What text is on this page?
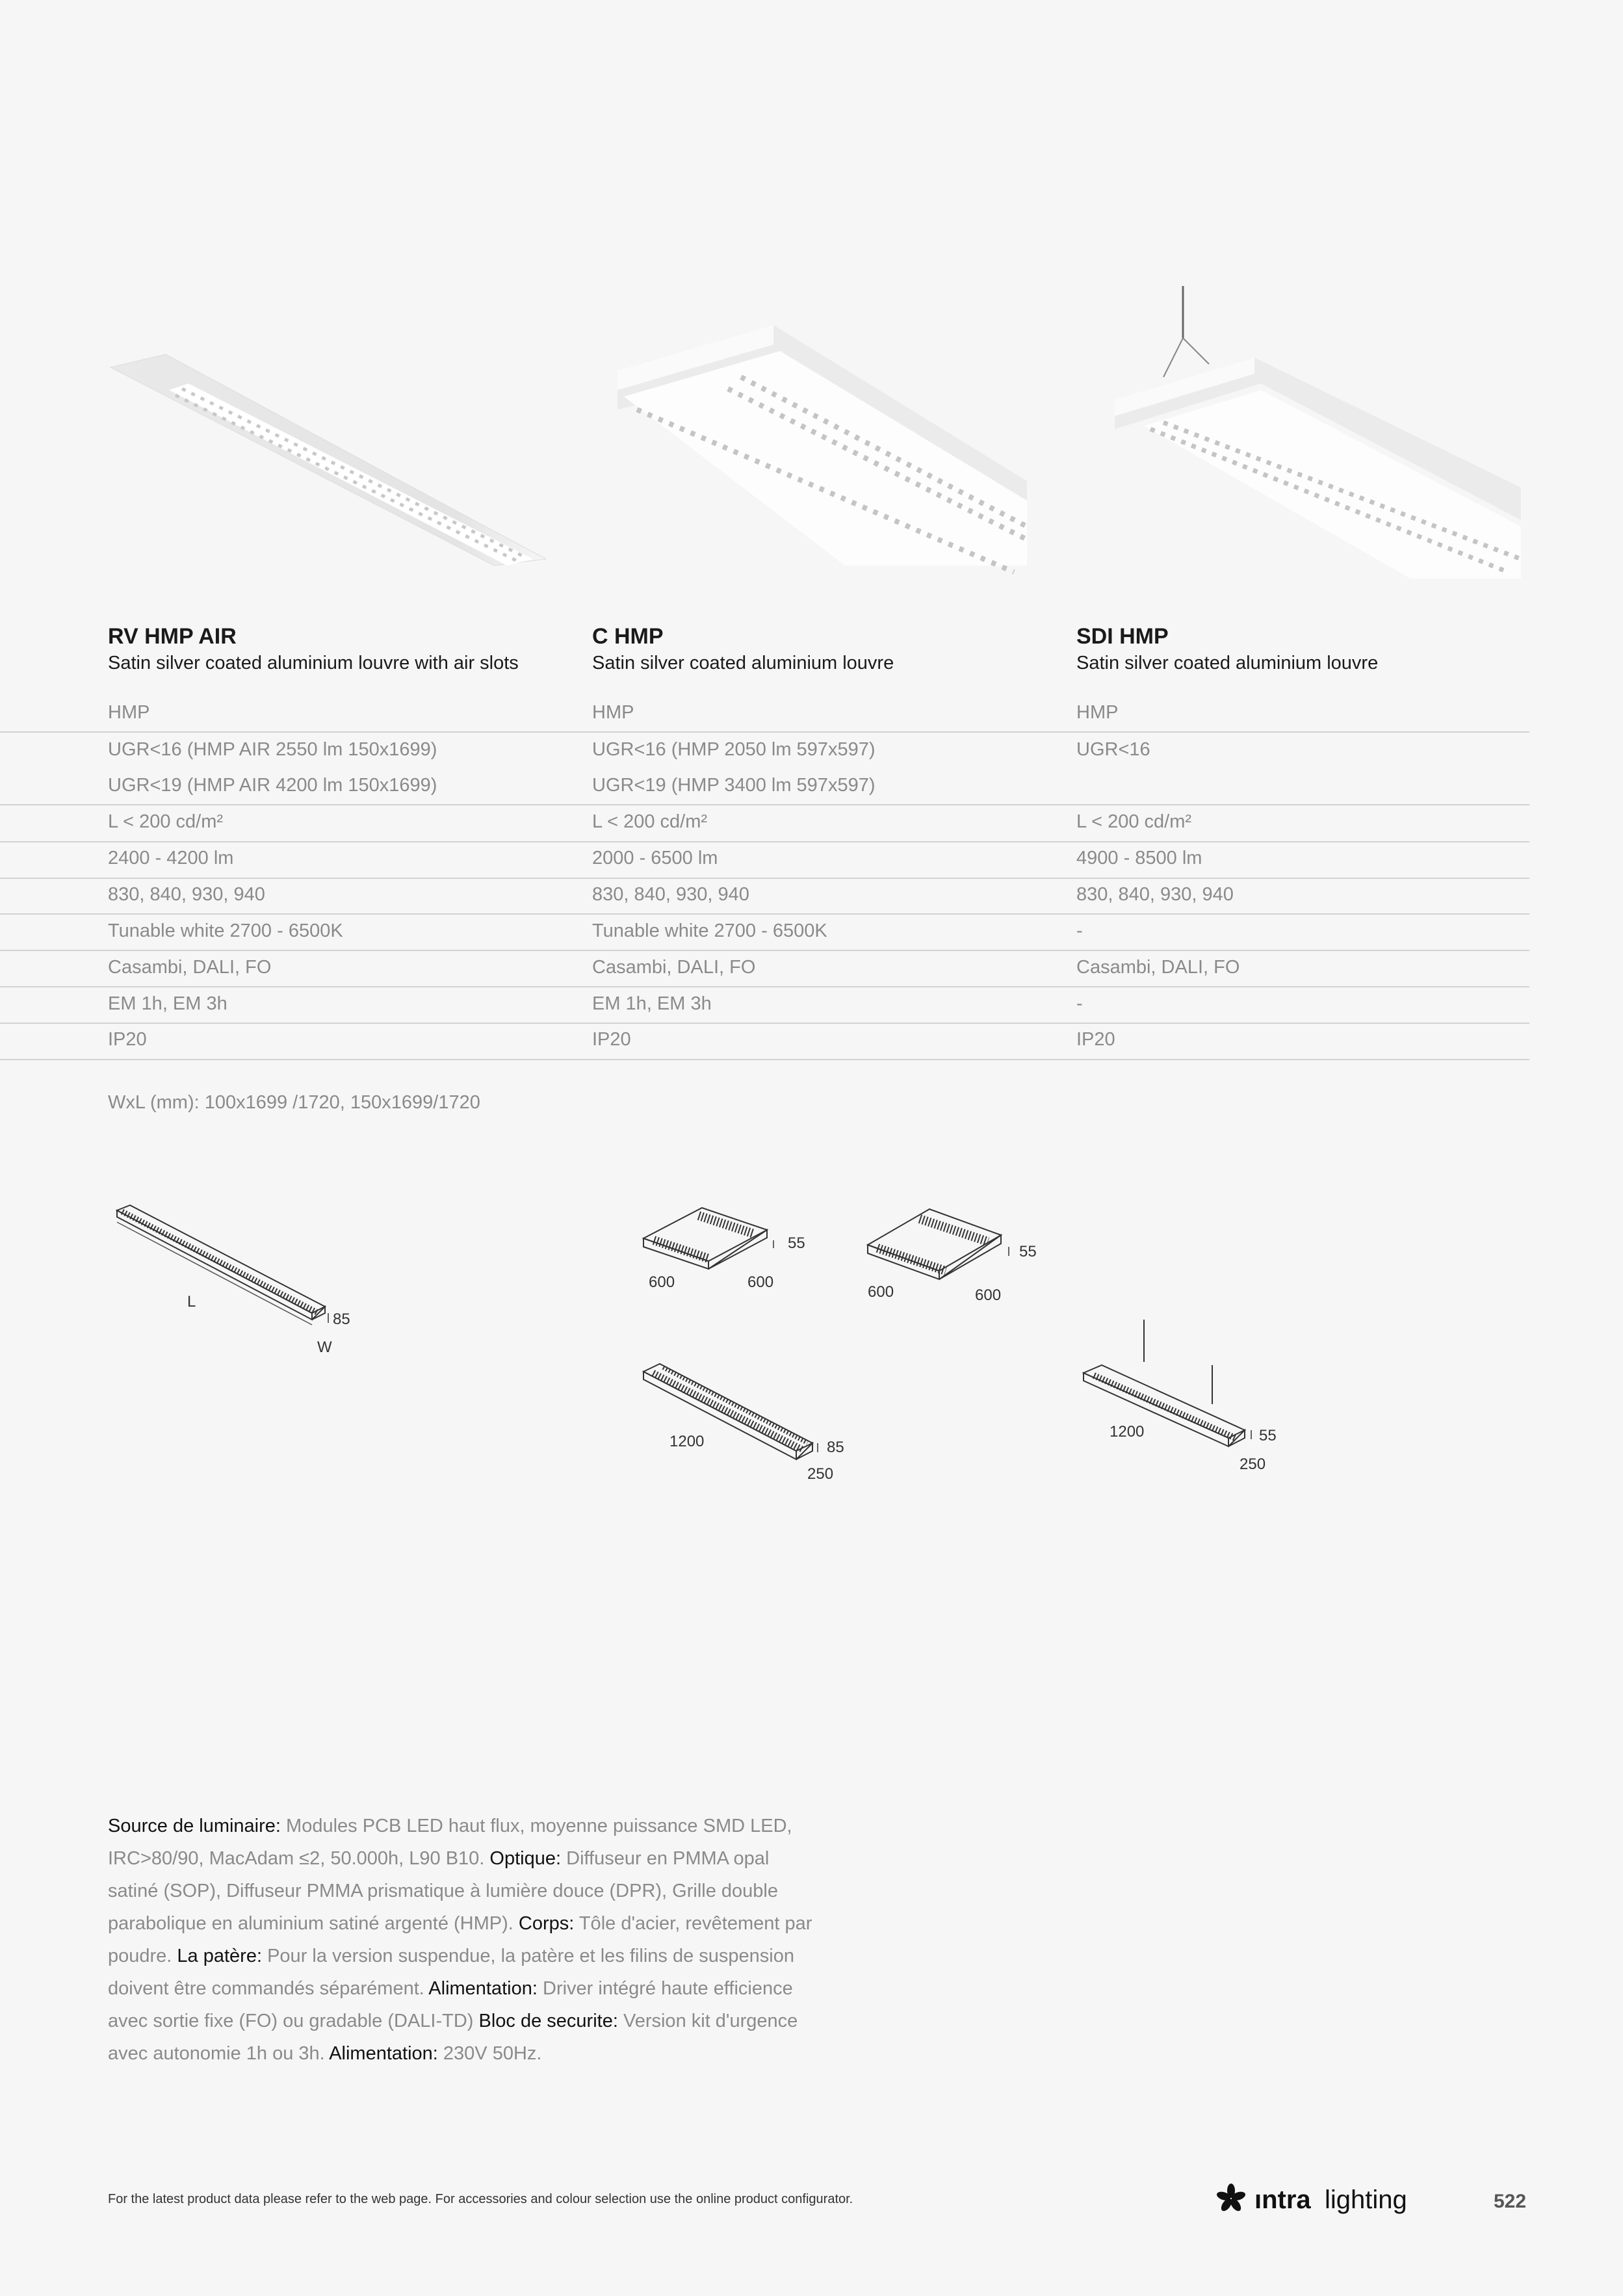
RV HMP AIR
Satin silver coated aluminium louvre with air slots
C HMP
Satin silver coated aluminium louvre
SDI HMP
Satin silver coated aluminium louvre
HMP	HMP	HMP
UGR<16 (HMP AIR 2550 lm 150x1699)	UGR<16 (HMP 2050 lm 597x597)	UGR<16
UGR<19 (HMP AIR 4200 lm 150x1699)	UGR<19 (HMP 3400 lm 597x597)
L < 200 cd/m²	L < 200 cd/m²	L < 200 cd/m²
2400 - 4200 lm	2000 - 6500 lm	4900 - 8500 lm
830, 840, 930, 940	830, 840, 930, 940	830, 840, 930, 940
Tunable white 2700 - 6500K	Tunable white 2700 - 6500K	-
Casambi, DALI, FO	Casambi, DALI, FO	Casambi, DALI, FO
EM 1h, EM 3h	EM 1h, EM 3h	-
IP20	IP20	IP20
WxL (mm): 100x1699 /1720, 150x1699/1720
L
85
W
55
600	600
55
600	600
1200	85
250
1200	55
250
Source de luminaire: Modules PCB LED haut flux, moyenne puissance SMD LED, IRC>80/90, MacAdam ≤2, 50.000h, L90 B10. Optique: Diffuseur en PMMA opal satiné (SOP), Diffuseur PMMA prismatique à lumière douce (DPR), Grille double parabolique en aluminium satiné argenté (HMP). Corps: Tôle d'acier, revêtement par poudre. La patère: Pour la version suspendue, la patère et les filins de suspension doivent être commandés séparément. Alimentation: Driver intégré haute efficience avec sortie fixe (FO) ou gradable (DALI-TD) Bloc de securite: Version kit d'urgence avec autonomie 1h ou 3h. Alimentation: 230V 50Hz.
For the latest product data please refer to the web page. For accessories and colour selection use the online product configurator.	ıntra lighting	522
